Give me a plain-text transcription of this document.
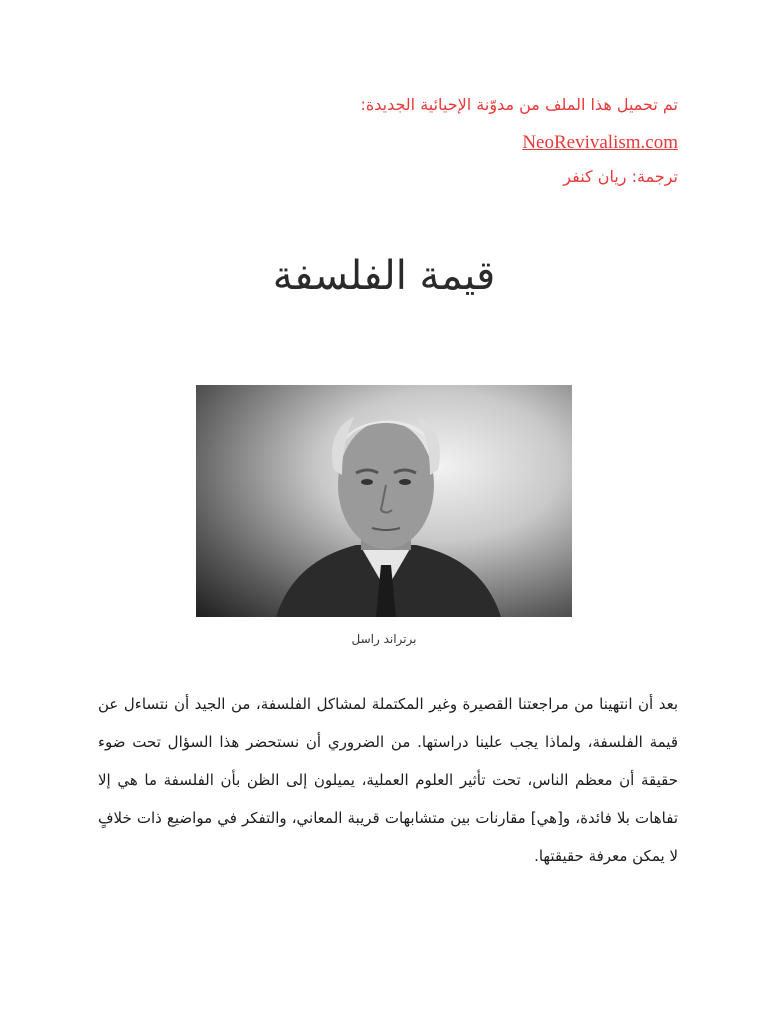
تم تحميل هذا الملف من مدوّنة الإحيائية الجديدة:

NeoRevivalism.com

ترجمة: ريان كنفر

قيمة الفلسفة

برتراند راسل

بعد أن انتهينا من مراجعتنا القصيرة وغير المكتملة لمشاكل الفلسفة، من الجيد أن نتساءل عن قيمة الفلسفة، ولماذا يجب علينا دراستها. من الضروري أن نستحضر هذا السؤال تحت ضوء حقيقة أن معظم الناس، تحت تأثير العلوم العملية، يميلون إلى الظن بأن الفلسفة ما هي إلا تفاهات بلا فائدة، و[هي] مقارنات بين متشابهات قريبة المعاني، والتفكر في مواضيع ذات خلافٍ لا يمكن معرفة حقيقتها.
